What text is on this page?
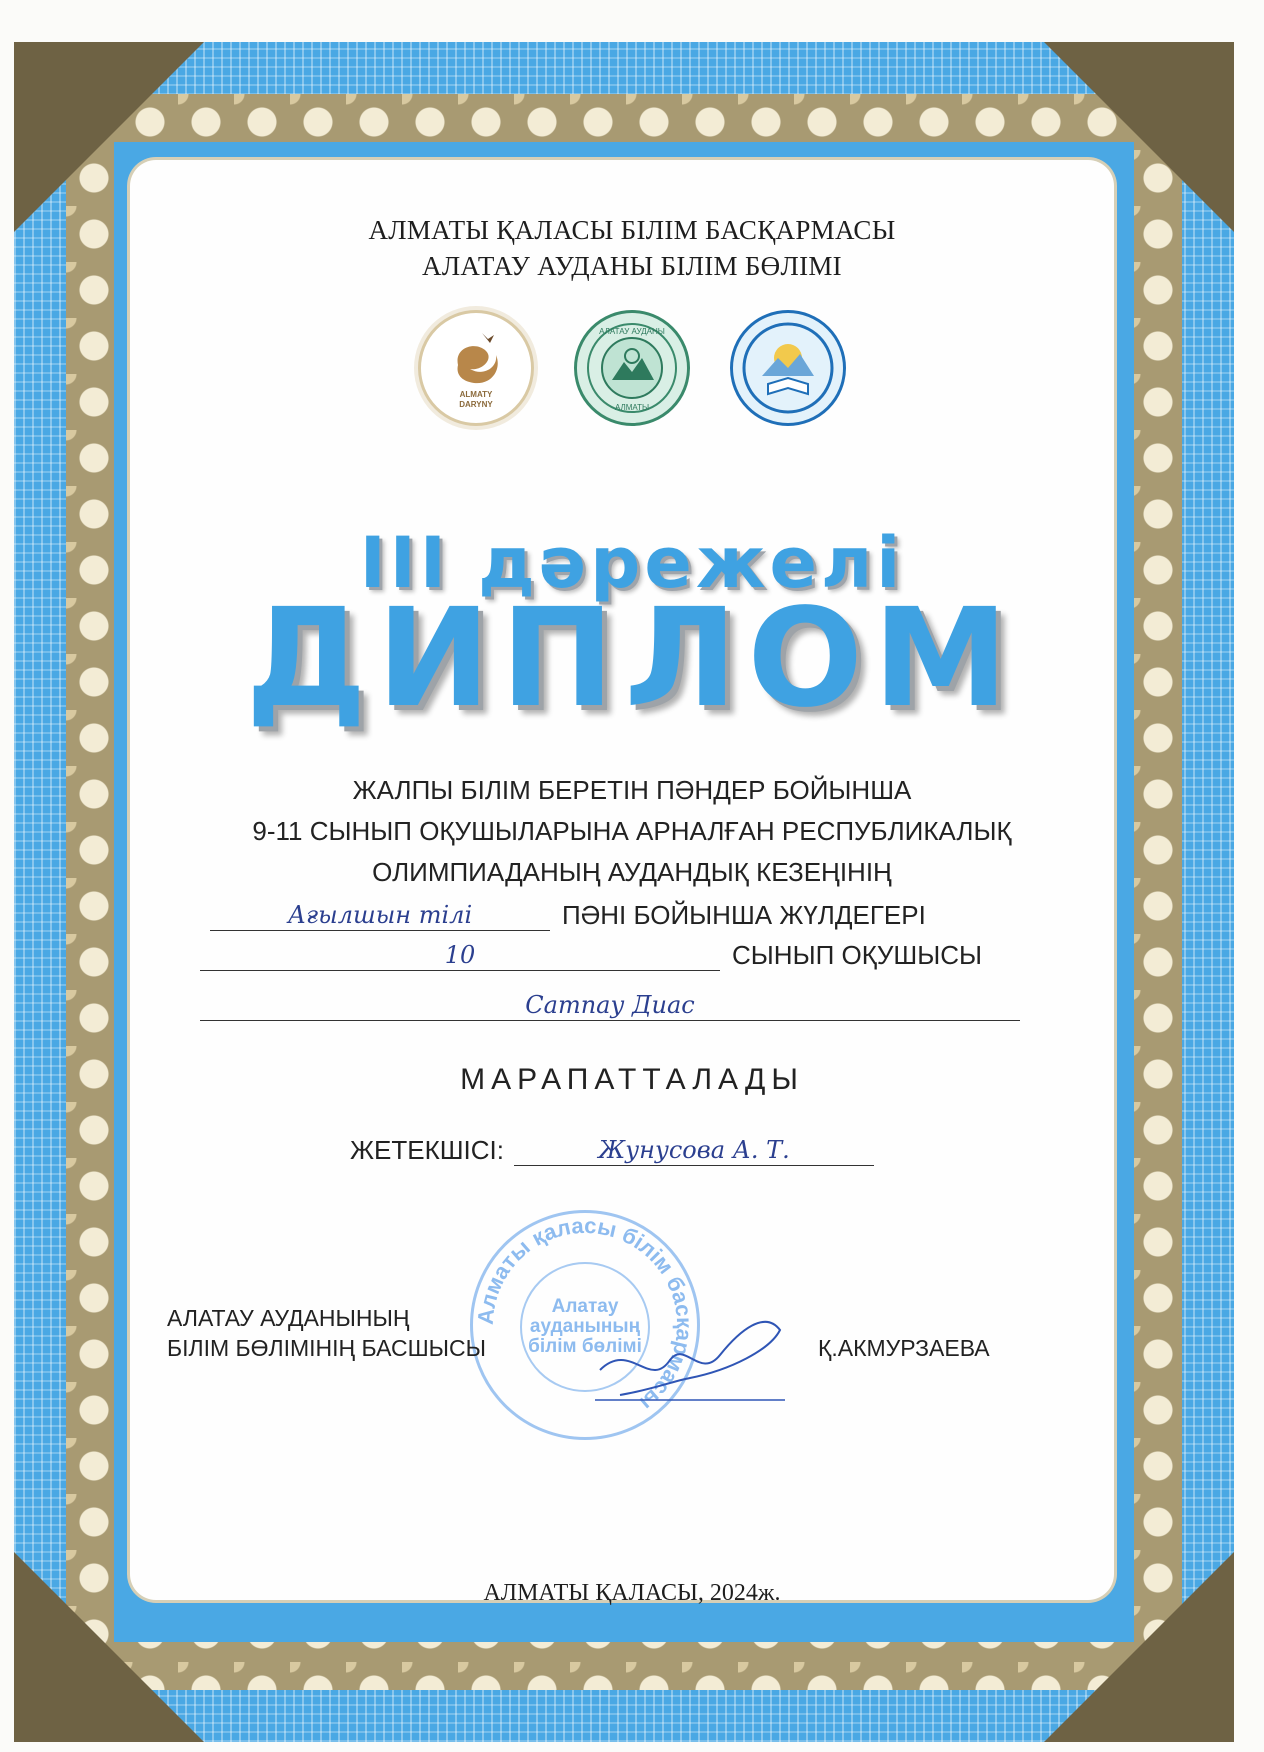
АЛМАТЫ ҚАЛАСЫ БІЛІМ БАСҚАРМАСЫ
АЛАТАУ АУДАНЫ БІЛІМ БӨЛІМІ
ALMATY
DARYNY
АЛАТАУ АУДАНЫ
АЛМАТЫ
ІІІ дәрежелі
ДИПЛОМ
ЖАЛПЫ БІЛІМ БЕРЕТІН ПӘНДЕР БОЙЫНША
9-11 СЫНЫП ОҚУШЫЛАРЫНА АРНАЛҒАН РЕСПУБЛИКАЛЫҚ
ОЛИМПИАДАНЫҢ АУДАНДЫҚ КЕЗЕҢІНІҢ
Ағылшын тілі	ПӘНІ БОЙЫНША ЖҮЛДЕГЕРІ
10	СЫНЫП ОҚУШЫСЫ
Сатпау Диас
МАРАПАТТАЛАДЫ
ЖЕТЕКШІСІ:	Жунусова А. Т.
Алматы қаласы білім басқармасы
Алатау ауданының білім бөлімі
АЛАТАУ АУДАНЫНЫҢ
БІЛІМ БӨЛІМІНІҢ БАСШЫСЫ	Қ.АКМУРЗАЕВА
АЛМАТЫ ҚАЛАСЫ, 2024ж.
